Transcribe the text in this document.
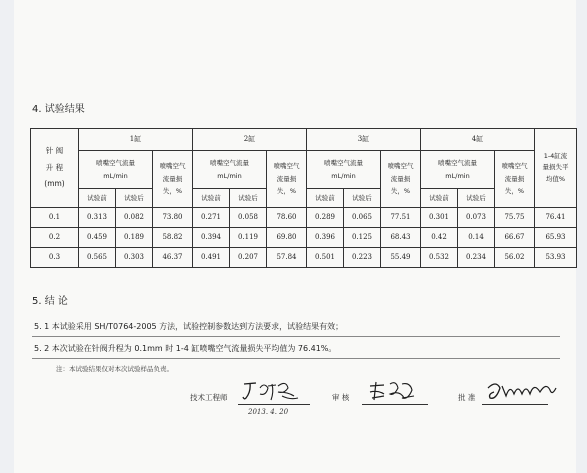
4. 试验结果
针 阀 升 程 (mm)	1缸			2缸			3缸			4缸			1-4缸流量损失平均值%

	喷嘴空气流量 mL/min		喷嘴空气流量损失，%	喷嘴空气流量 mL/min		喷嘴空气流量损失，%	喷嘴空气流量 mL/min		喷嘴空气流量损失，%	喷嘴空气流量 mL/min		喷嘴空气流量损失，%	

	试验前	试验后		试验前	试验后		试验前	试验后		试验前	试验后		
0.1	0.313	0.082	73.80	0.271	0.058	78.60	0.289	0.065	77.51	0.301	0.073	75.75	76.41
0.2	0.459	0.189	58.82	0.394	0.119	69.80	0.396	0.125	68.43	0.42	0.14	66.67	65.93
0.3	0.565	0.303	46.37	0.491	0.207	57.84	0.501	0.223	55.49	0.532	0.234	56.02	53.93
5. 结 论
5. 1 本试验采用 SH/T0764-2005 方法，试验控制参数达到方法要求，试验结果有效；
5. 2 本次试验在针阀升程为 0.1mm 时 1-4 缸喷嘴空气流量损失平均值为 76.41%。
注：本试验结果仅对本次试验样品负责。
技术工程师	审 核	批 准
2013. 4. 20
